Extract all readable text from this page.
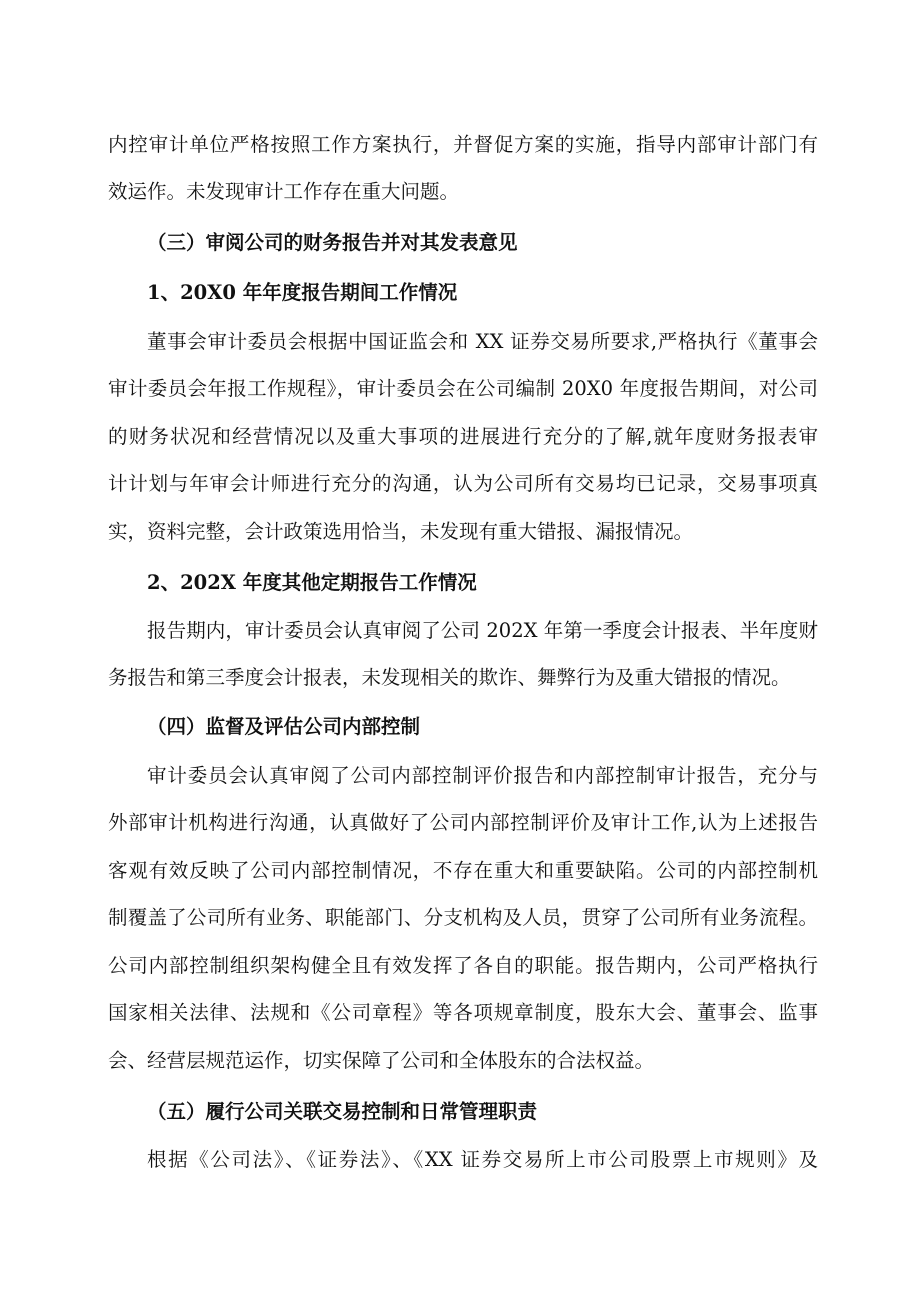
内控审计单位严格按照工作方案执行，并督促方案的实施，指导内部审计部门有
效运作。未发现审计工作存在重大问题。
（三）审阅公司的财务报告并对其发表意见
1、20X0 年年度报告期间工作情况
董事会审计委员会根据中国证监会和 XX 证券交易所要求,严格执行《董事会
审计委员会年报工作规程》，审计委员会在公司编制 20X0 年度报告期间，对公司
的财务状况和经营情况以及重大事项的进展进行充分的了解,就年度财务报表审
计计划与年审会计师进行充分的沟通，认为公司所有交易均已记录，交易事项真
实，资料完整，会计政策选用恰当，未发现有重大错报、漏报情况。
2、202X 年度其他定期报告工作情况
报告期内，审计委员会认真审阅了公司 202X 年第一季度会计报表、半年度财
务报告和第三季度会计报表，未发现相关的欺诈、舞弊行为及重大错报的情况。
（四）监督及评估公司内部控制
审计委员会认真审阅了公司内部控制评价报告和内部控制审计报告，充分与
外部审计机构进行沟通，认真做好了公司内部控制评价及审计工作,认为上述报告
客观有效反映了公司内部控制情况，不存在重大和重要缺陷。公司的内部控制机
制覆盖了公司所有业务、职能部门、分支机构及人员，贯穿了公司所有业务流程。
公司内部控制组织架构健全且有效发挥了各自的职能。报告期内，公司严格执行
国家相关法律、法规和《公司章程》等各项规章制度，股东大会、董事会、监事
会、经营层规范运作，切实保障了公司和全体股东的合法权益。
（五）履行公司关联交易控制和日常管理职责
根据《公司法》、《证券法》、《XX 证券交易所上市公司股票上市规则》及
